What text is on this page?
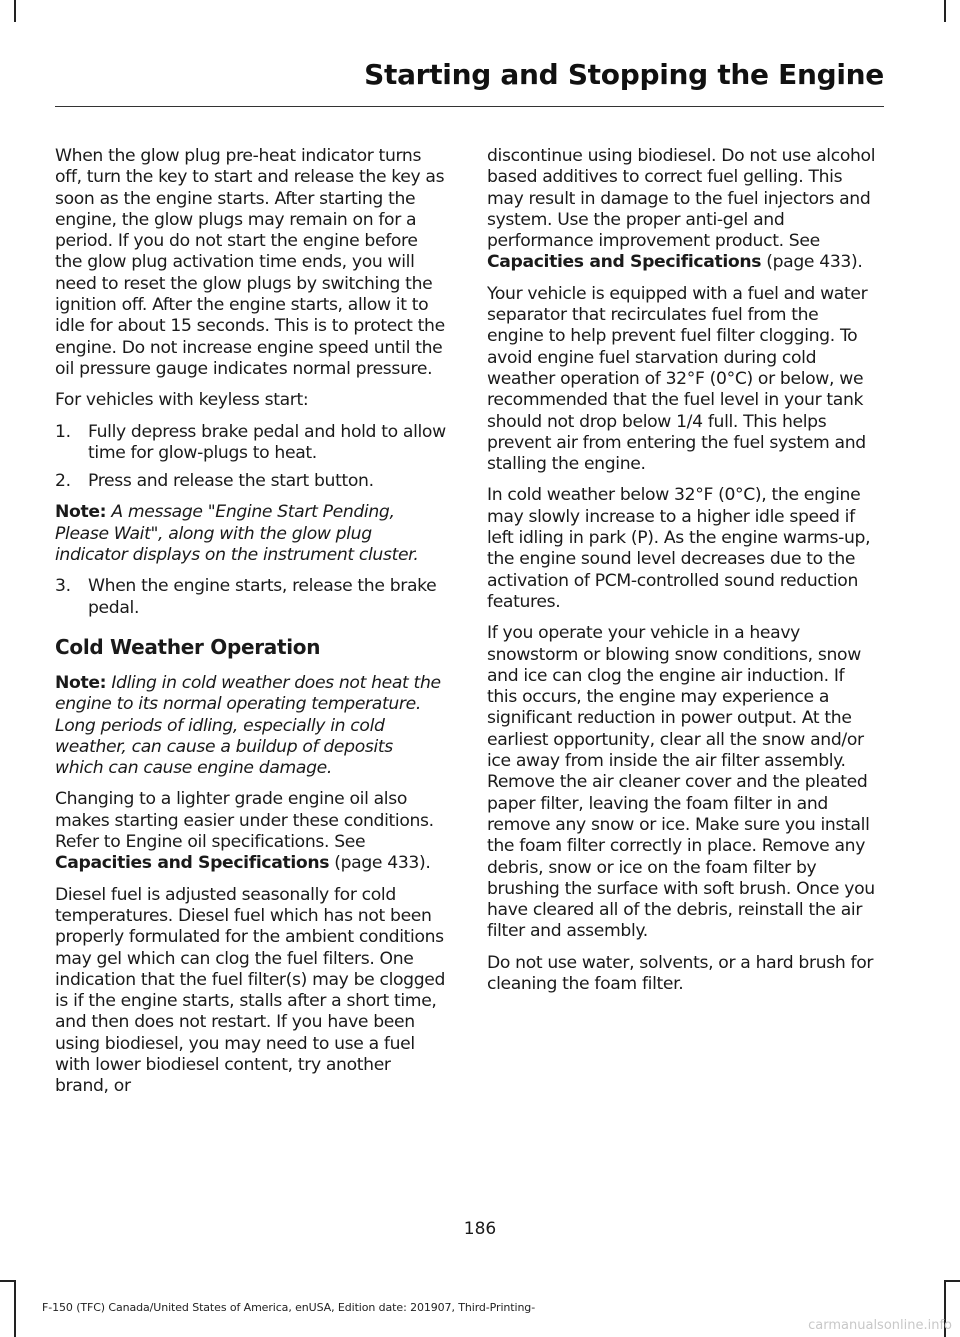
Starting and Stopping the Engine

When the glow plug pre-heat indicator turns off, turn the key to start and release the key as soon as the engine starts. After starting the engine, the glow plugs may remain on for a period. If you do not start the engine before the glow plug activation time ends, you will need to reset the glow plugs by switching the ignition off. After the engine starts, allow it to idle for about 15 seconds. This is to protect the engine. Do not increase engine speed until the oil pressure gauge indicates normal pressure.

For vehicles with keyless start:

1. Fully depress brake pedal and hold to allow time for glow-plugs to heat.
2. Press and release the start button.

Note: A message "Engine Start Pending, Please Wait", along with the glow plug indicator displays on the instrument cluster.

3. When the engine starts, release the brake pedal.
Cold Weather Operation

Note: Idling in cold weather does not heat the engine to its normal operating temperature. Long periods of idling, especially in cold weather, can cause a buildup of deposits which can cause engine damage.

Changing to a lighter grade engine oil also makes starting easier under these conditions. Refer to Engine oil specifications. See Capacities and Specifications (page 433).

Diesel fuel is adjusted seasonally for cold temperatures. Diesel fuel which has not been properly formulated for the ambient conditions may gel which can clog the fuel filters. One indication that the fuel filter(s) may be clogged is if the engine starts, stalls after a short time, and then does not restart. If you have been using biodiesel, you may need to use a fuel with lower biodiesel content, try another brand, or

discontinue using biodiesel. Do not use alcohol based additives to correct fuel gelling. This may result in damage to the fuel injectors and system. Use the proper anti-gel and performance improvement product. See Capacities and Specifications (page 433).

Your vehicle is equipped with a fuel and water separator that recirculates fuel from the engine to help prevent fuel filter clogging. To avoid engine fuel starvation during cold weather operation of 32°F (0°C) or below, we recommended that the fuel level in your tank should not drop below 1/4 full. This helps prevent air from entering the fuel system and stalling the engine.

In cold weather below 32°F (0°C), the engine may slowly increase to a higher idle speed if left idling in park (P). As the engine warms-up, the engine sound level decreases due to the activation of PCM-controlled sound reduction features.

If you operate your vehicle in a heavy snowstorm or blowing snow conditions, snow and ice can clog the engine air induction. If this occurs, the engine may experience a significant reduction in power output. At the earliest opportunity, clear all the snow and/or ice away from inside the air filter assembly. Remove the air cleaner cover and the pleated paper filter, leaving the foam filter in and remove any snow or ice. Make sure you install the foam filter correctly in place. Remove any debris, snow or ice on the foam filter by brushing the surface with soft brush. Once you have cleared all of the debris, reinstall the air filter and assembly.

Do not use water, solvents, or a hard brush for cleaning the foam filter.

186
F-150 (TFC) Canada/United States of America, enUSA, Edition date: 201907, Third-Printing-
carmanualsonline.info
